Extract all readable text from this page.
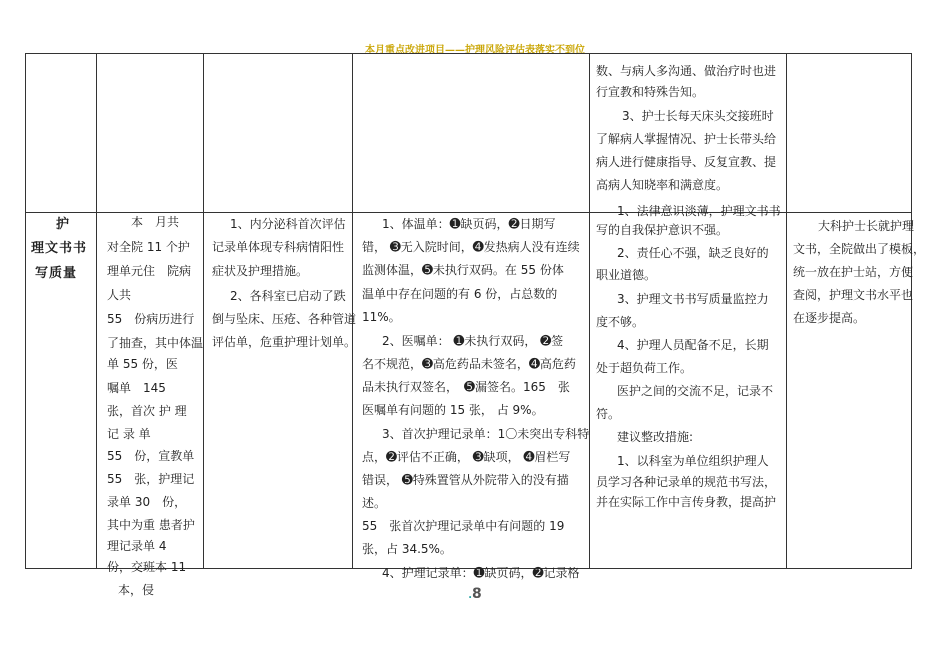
本月重点改进项目——护理风险评估表落实不到位
数、与病人多沟通、做治疗时也进
行宣教和特殊告知。
3、护士长每天床头交接班时
了解病人掌握情况、护士长带头给
病人进行健康指导、反复宣教、提
高病人知晓率和满意度。
护
理文书书
写质量
本　月共
对全院 11 个护
理单元住　院病
人共
55　份病历进行
了抽查，其中体温
单 55 份，医
嘱单　145
张，首次 护 理
记 录 单
55　份，宣教单
55　张，护理记
录单 30　份，
其中为重 患者护
理记录单 4
份，交班本 11
本，侵
1、内分泌科首次评估
记录单体现专科病情阳性
症状及护理措施。
2、各科室已启动了跌
倒与坠床、压疮、各种管道
评估单，危重护理计划单。
1、体温单：➊缺页码，➋日期写
错， ➌无入院时间，➍发热病人没有连续
监测体温，➎未执行双码。在 55 份体
温单中存在问题的有 6 份，占总数的
11%。
2、医嘱单： ➊未执行双码， ➋签
名不规范，➌高危药品未签名，➍高危药
品未执行双签名，　 ➎漏签名。165　张
医嘱单有问题的 15 张， 占 9%。
3、首次护理记录单：1〇未突出专科特
点，➋评估不正确， ➌缺项， ➍眉栏写
错误， ➎特殊置管从外院带入的没有描
述。
55　张首次护理记录单中有问题的 19
张，占 34.5%。
4、护理记录单：➊缺页码，➋记录格
1、法律意识淡薄，护理文书书
写的自我保护意识不强。
2、责任心不强，缺乏良好的
职业道德。
3、护理文书书写质量监控力
度不够。
4、护理人员配备不足，长期
处于超负荷工作。
医护之间的交流不足，记录不
符。
建议整改措施:
1、以科室为单位组织护理人
员学习各种记录单的规范书写法，
并在实际工作中言传身教，提高护
大科护士长就护理
文书，全院做出了模板，
统一放在护士站，方便
查阅，护理文书水平也
在逐步提高。
.8
